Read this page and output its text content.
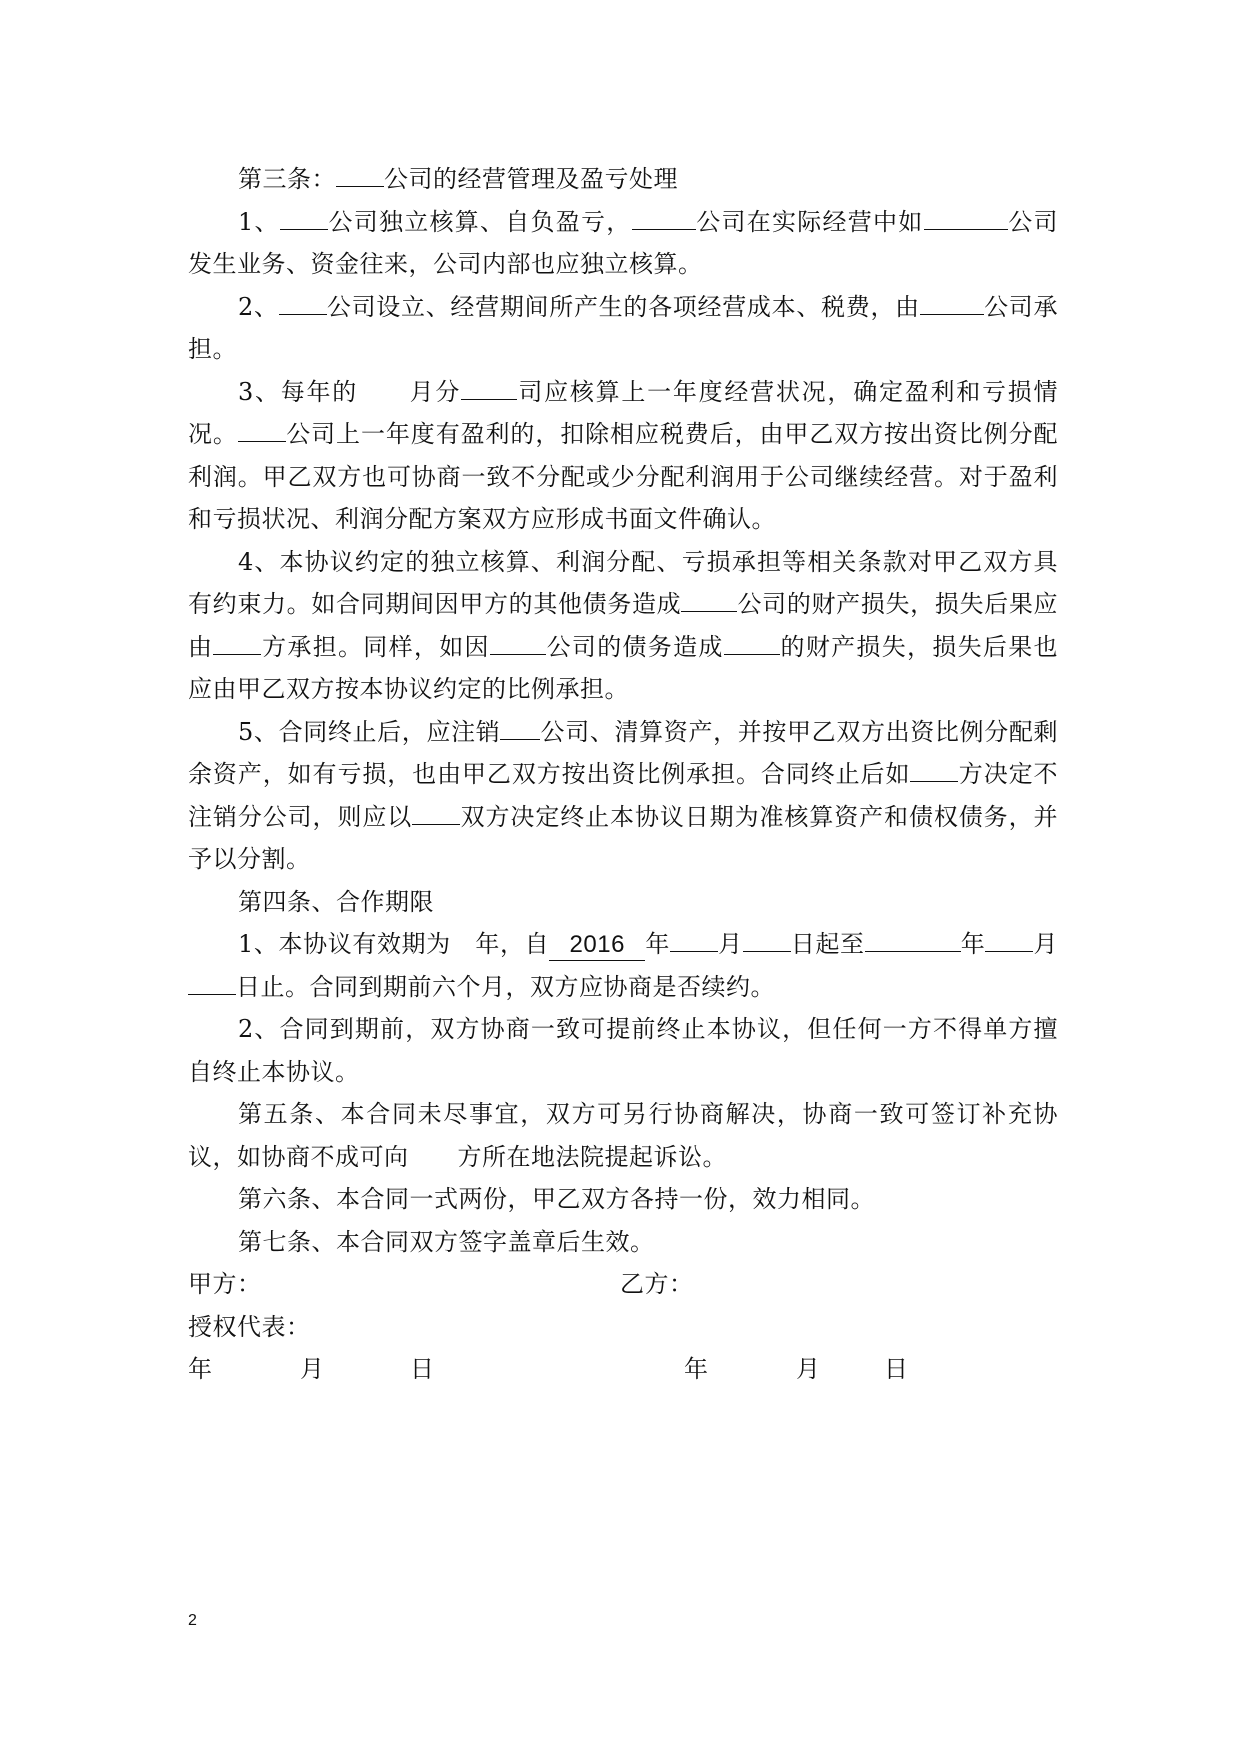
第三条： 公司的经营管理及盈亏处理

1、 公司独立核算、自负盈亏，	公司在实际经营中如	公司发生业务、资金往来，公司内部也应独立核算。

2、 公司设立、经营期间所产生的各项经营成本、税费，由	公司承担。

3、每年的　　月分 司应核算上一年度经营状况，确定盈利和亏损情况。 公司上一年度有盈利的，扣除相应税费后，由甲乙双方按出资比例分配利润。甲乙双方也可协商一致不分配或少分配利润用于公司继续经营。对于盈利和亏损状况、利润分配方案双方应形成书面文件确认。

4、本协议约定的独立核算、利润分配、亏损承担等相关条款对甲乙双方具有约束力。如合同期间因甲方的其他债务造成 公司的财产损失，损失后果应由 方承担。同样，如因 公司的债务造成 的财产损失，损失后果也应由甲乙双方按本协议约定的比例承担。

5、合同终止后，应注销 公司、清算资产，并按甲乙双方出资比例分配剩余资产，如有亏损，也由甲乙双方按出资比例承担。合同终止后如 方决定不注销分公司，则应以 双方决定终止本协议日期为准核算资产和债权债务，并予以分割。

第四条、合作期限

1、本协议有效期为　年，自 2016 年 月 日起至	年 月日止。合同到期前六个月，双方应协商是否续约。

2、合同到期前，双方协商一致可提前终止本协议，但任何一方不得单方擅自终止本协议。

第五条、本合同未尽事宜，双方可另行协商解决，协商一致可签订补充协议，如协商不成可向　　方所在地法院提起诉讼。

第六条、本合同一式两份，甲乙双方各持一份，效力相同。

第七条、本合同双方签字盖章后生效。

甲方：	乙方：

授权代表：

年	月	日	年	月	日
2
